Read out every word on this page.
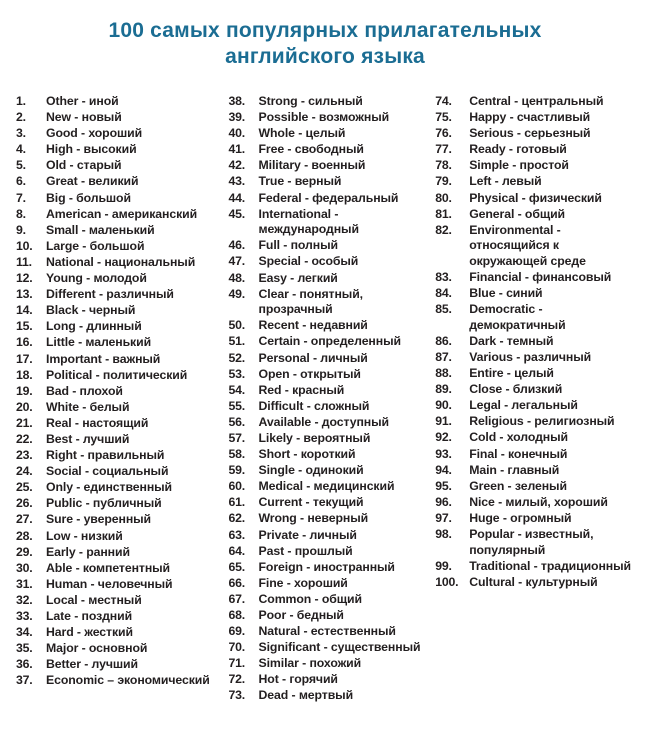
100 самых популярных прилагательных
английского языка
1.	Other - иной
2.	New - новый
3.	Good - хороший
4.	High - высокий
5.	Old - старый
6.	Great - великий
7.	Big - большой
8.	American - американский
9.	Small - маленький
10.	Large - большой
11.	National - национальный
12.	Young - молодой
13.	Different - различный
14.	Black - черный
15.	Long - длинный
16.	Little - маленький
17.	Important - важный
18.	Political - политический
19.	Bad - плохой
20.	White - белый
21.	Real - настоящий
22.	Best - лучший
23.	Right - правильный
24.	Social - социальный
25.	Only - единственный
26.	Public - публичный
27.	Sure - уверенный
28.	Low - низкий
29.	Early - ранний
30.	Able - компетентный
31.	Human - человечный
32.	Local - местный
33.	Late - поздний
34.	Hard - жесткий
35.	Major - основной
36.	Better - лучший
37.	Economic – экономический
38.	Strong - сильный
39.	Possible - возможный
40.	Whole - целый
41.	Free - свободный
42.	Military - военный
43.	True - верный
44.	Federal - федеральный
45.	International - международный
46.	Full - полный
47.	Special - особый
48.	Easy - легкий
49.	Clear - понятный, прозрачный
50.	Recent - недавний
51.	Certain - определенный
52.	Personal - личный
53.	Open - открытый
54.	Red - красный
55.	Difficult - сложный
56.	Available - доступный
57.	Likely - вероятный
58.	Short - короткий
59.	Single - одинокий
60.	Medical - медицинский
61.	Current - текущий
62.	Wrong - неверный
63.	Private - личный
64.	Past - прошлый
65.	Foreign - иностранный
66.	Fine - хороший
67.	Common - общий
68.	Poor - бедный
69.	Natural - естественный
70.	Significant - существенный
71.	Similar - похожий
72.	Hot - горячий
73.	Dead - мертвый
74.	Central - центральный
75.	Happy - счастливый
76.	Serious - серьезный
77.	Ready - готовый
78.	Simple - простой
79.	Left - левый
80.	Physical - физический
81.	General - общий
82.	Environmental - относящийся к окружающей среде
83.	Financial - финансовый
84.	Blue - синий
85.	Democratic - демократичный
86.	Dark - темный
87.	Various - различный
88.	Entire - целый
89.	Close - близкий
90.	Legal - легальный
91.	Religious - религиозный
92.	Cold - холодный
93.	Final - конечный
94.	Main - главный
95.	Green - зеленый
96.	Nice - милый, хороший
97.	Huge - огромный
98.	Popular - известный, популярный
99.	Traditional - традиционный
100. Cultural - культурный
